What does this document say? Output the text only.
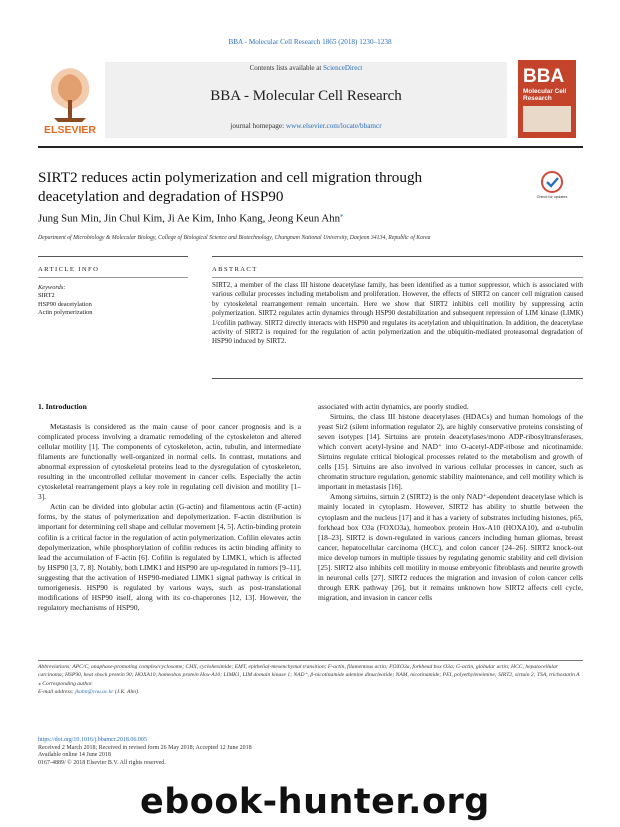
BBA - Molecular Cell Research 1865 (2018) 1230–1238
ELSEVIER
Contents lists available at ScienceDirect
BBA - Molecular Cell Research
journal homepage: www.elsevier.com/locate/bbamcr
BBA
Molecular Cell Research
SIRT2 reduces actin polymerization and cell migration through deacetylation and degradation of HSP90	Check for updates
Jung Sun Min, Jin Chul Kim, Ji Ae Kim, Inho Kang, Jeong Keun Ahn⁎
Department of Microbiology & Molecular Biology, College of Biological Science and Biotechnology, Chungnam National University, Daejeon 34134, Republic of Korea
ARTICLE INFO	ABSTRACT
Keywords:
SIRT2
HSP90 deacetylation
Actin polymerization
SIRT2, a member of the class III histone deacetylase family, has been identified as a tumor suppressor, which is associated with various cellular processes including metabolism and proliferation. However, the effects of SIRT2 on cancer cell migration caused by cytoskeletal rearrangement remain uncertain. Here we show that SIRT2 inhibits cell motility by suppressing actin polymerization. SIRT2 regulates actin dynamics through HSP90 destabilization and subsequent repression of LIM kinase (LIMK) 1/cofilin pathway. SIRT2 directly interacts with HSP90 and regulates its acetylation and ubiquitination. In addition, the deacetylase activity of SIRT2 is required for the regulation of actin polymerization and the ubiquitin-mediated proteasomal degradation of HSP90 induced by SIRT2.
1. Introduction

Metastasis is considered as the main cause of poor cancer prognosis and is a complicated process involving a dramatic remodeling of the cytoskeleton and altered cellular motility [1]. The components of cytoskeleton, actin, tubulin, and intermediate filaments are functionally well-organized in normal cells. In contrast, mutations and abnormal expression of cytoskeletal proteins lead to the dysregulation of cytoskeleton, resulting in the uncontrolled cellular movement in cancer cells. Especially the actin cytoskeletal rearrangement plays a key role in regulating cell division and motility [1–3].

Actin can be divided into globular actin (G-actin) and filamentous actin (F-actin) forms, by the status of polymerization and depolymerization. F-actin distribution is important for determining cell shape and cellular movement [4, 5]. Actin-binding protein cofilin is a critical factor in the regulation of actin polymerization. Cofilin elevates actin depolymerization, while phosphorylation of cofilin reduces its actin binding affinity to lead the accumulation of F-actin [6]. Cofilin is regulated by LIMK1, which is affected by HSP90 [3, 7, 8]. Notably, both LIMK1 and HSP90 are up-regulated in tumors [9–11], suggesting that the activation of HSP90-mediated LIMK1 signal pathway is critical in tumorigenesis. HSP90 is regulated by various ways, such as post-translational modifications of HSP90 itself, along with its co-chaperones [12, 13]. However, the regulatory mechanisms of HSP90,

associated with actin dynamics, are poorly studied.

Sirtuins, the class III histone deacetylases (HDACs) and human homologs of the yeast Sir2 (silent information regulator 2), are highly conservative proteins consisting of seven isotypes [14]. Sirtuins are protein deacetylases/mono ADP-ribosyltransferases, which convert acetyl-lysine and NAD⁺ into O-acetyl-ADP-ribose and nicotinamide. Sirtuins regulate critical biological processes related to the metabolism and growth of cells [15]. Sirtuins are also involved in various cellular processes in cancer, such as chromatin structure regulation, genomic stability maintenance, and cell motility which is important in metastasis [16].

Among sirtuins, sirtuin 2 (SIRT2) is the only NAD⁺-dependent deacetylase which is mainly located in cytoplasm. However, SIRT2 has ability to shuttle between the cytoplasm and the nucleus [17] and it has a variety of substrates including histones, p65, forkhead box O3a (FOXO3a), homeobox protein Hox-A10 (HOXA10), and α-tubulin [18–23]. SIRT2 is down-regulated in various cancers including human gliomas, breast cancer, hepatocellular carcinoma (HCC), and colon cancer [24–26]. SIRT2 knock-out mice develop tumors in multiple tissues by regulating genomic stability and cell division [25]. SIRT2 also inhibits cell motility in mouse embryonic fibroblasts and neurite growth in neuronal cells [27]. SIRT2 reduces the migration and invasion of colon cancer cells through ERK pathway [26], but it remains unknown how SIRT2 affects cell cycle, migration, and invasion in cancer cells

Abbreviations: APC/C, anaphase-promoting complex/cyclosome; CHX, cycloheximide; EMT, epithelial-mesenchymal transition; F-actin, filamentous actin; FOXO3a, forkhead box O3a; G-actin, globular actin; HCC, hepatocellular carcinoma; HSP90, heat shock protein 90; HOXA10, homeobox protein Hox-A10; LIMK1, LIM domain kinase 1; NAD⁺, β-nicotinamide adenine dinucleotide; NAM, nicotinamide; PEI, polyethyleneimine; SIRT2, sirtuin 2; TSA, trichostatin A
⁎ Corresponding author.
E-mail address: jkahn@cnu.ac.kr (J.K. Ahn).
https://doi.org/10.1016/j.bbamcr.2018.06.005
Received 2 March 2018; Received in revised form 26 May 2018; Accepted 12 June 2018
Available online 14 June 2018
0167-4889/ © 2018 Elsevier B.V. All rights reserved.
ebook-hunter.org
